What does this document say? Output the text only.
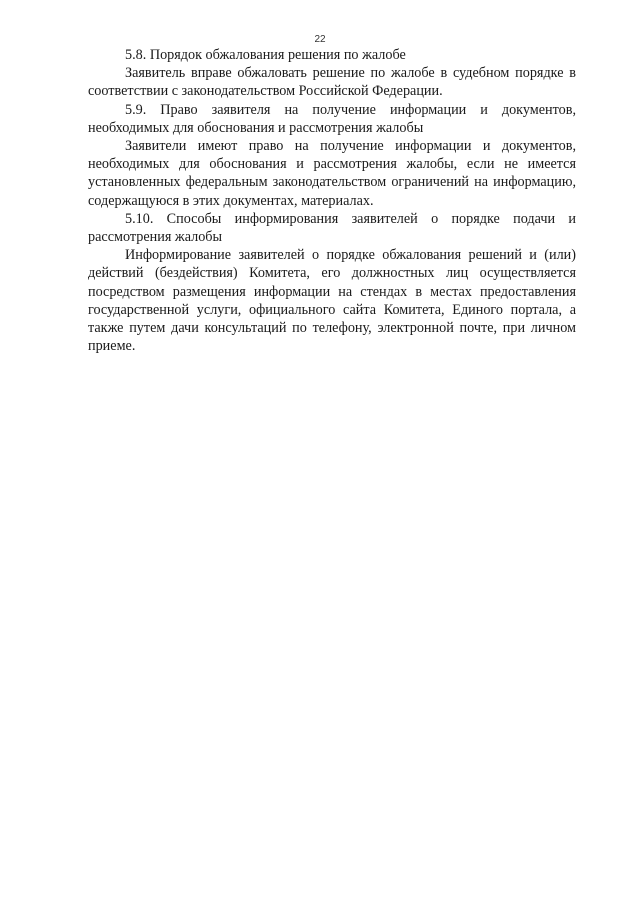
22

5.8. Порядок обжалования решения по жалобе

Заявитель вправе обжаловать решение по жалобе в судебном порядке в соответствии с законодательством Российской Федерации.

5.9. Право заявителя на получение информации и документов, необходимых для обоснования и рассмотрения жалобы

Заявители имеют право на получение информации и документов, необходимых для обоснования и рассмотрения жалобы, если не имеется установленных федеральным законодательством ограничений на информацию, содержащуюся в этих документах, материалах.

5.10. Способы информирования заявителей о порядке подачи и рассмотрения жалобы

Информирование заявителей о порядке обжалования решений и (или) действий (бездействия) Комитета, его должностных лиц осуществляется посредством размещения информации на стендах в местах предоставления государственной услуги, официального сайта Комитета, Единого портала, а также путем дачи консультаций по телефону, электронной почте, при личном приеме.
